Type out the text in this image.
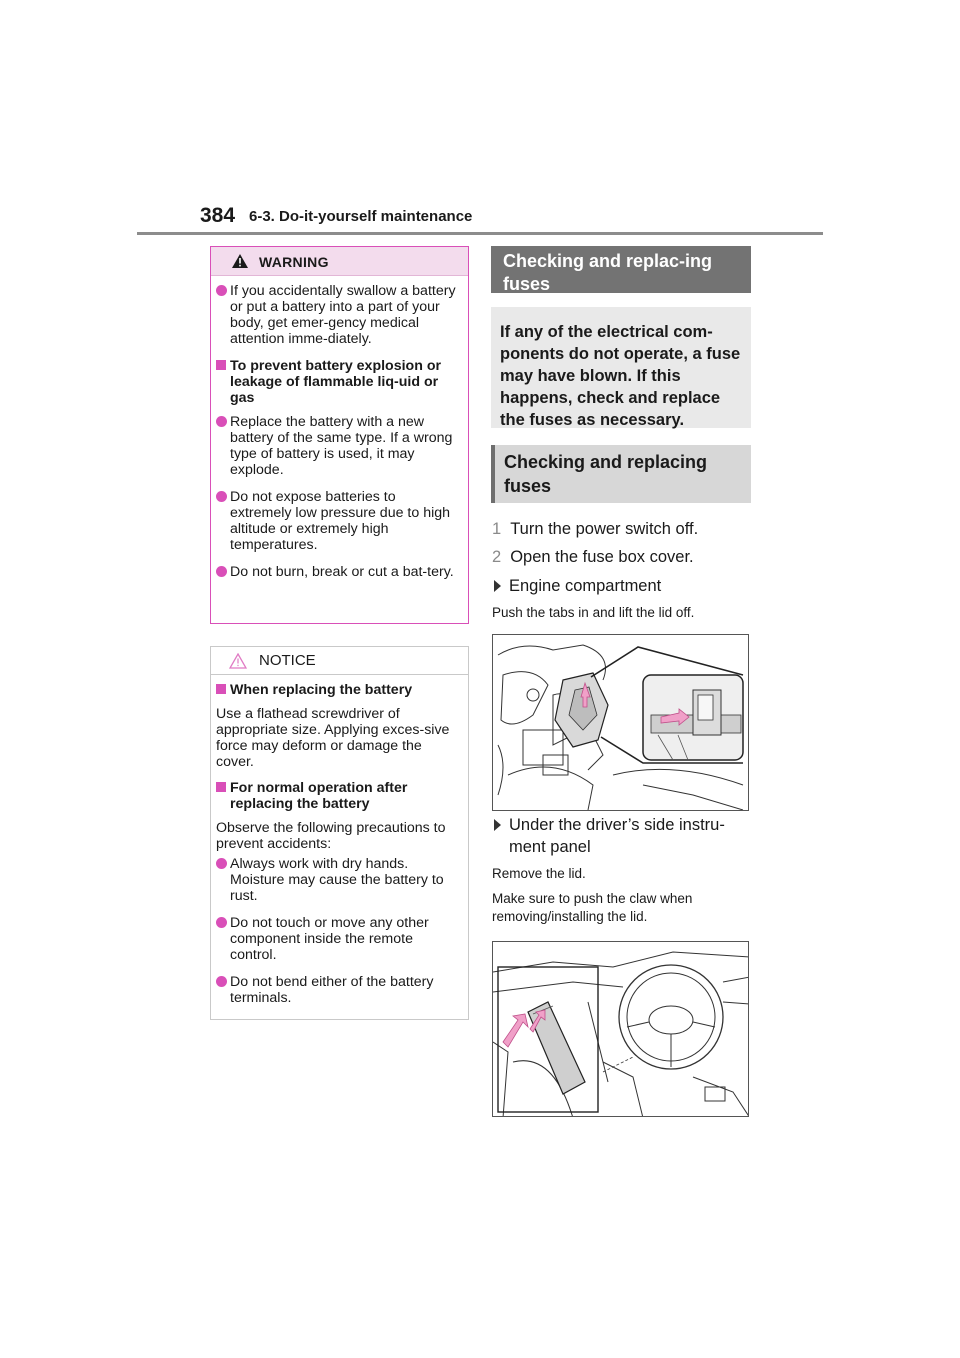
384 6-3. Do-it-yourself maintenance
WARNING
If you accidentally swallow a battery or put a battery into a part of your body, get emer-gency medical attention imme-diately.
To prevent battery explosion or leakage of flammable liq-uid or gas
Replace the battery with a new battery of the same type. If a wrong type of battery is used, it may explode.
Do not expose batteries to extremely low pressure due to high altitude or extremely high temperatures.
Do not burn, break or cut a bat-tery.
NOTICE
When replacing the battery
Use a flathead screwdriver of appropriate size. Applying exces-sive force may deform or damage the cover.
For normal operation after replacing the battery
Observe the following precautions to prevent accidents:
Always work with dry hands. Moisture may cause the battery to rust.
Do not touch or move any other component inside the remote control.
Do not bend either of the battery terminals.
Checking and replac-ing fuses
If any of the electrical com-ponents do not operate, a fuse may have blown. If this happens, check and replace the fuses as necessary.
Checking and replacing fuses
1 Turn the power switch off.
2 Open the fuse box cover.
Engine compartment
Push the tabs in and lift the lid off.
Under the driver’s side instru-ment panel
Remove the lid.
Make sure to push the claw when removing/installing the lid.
